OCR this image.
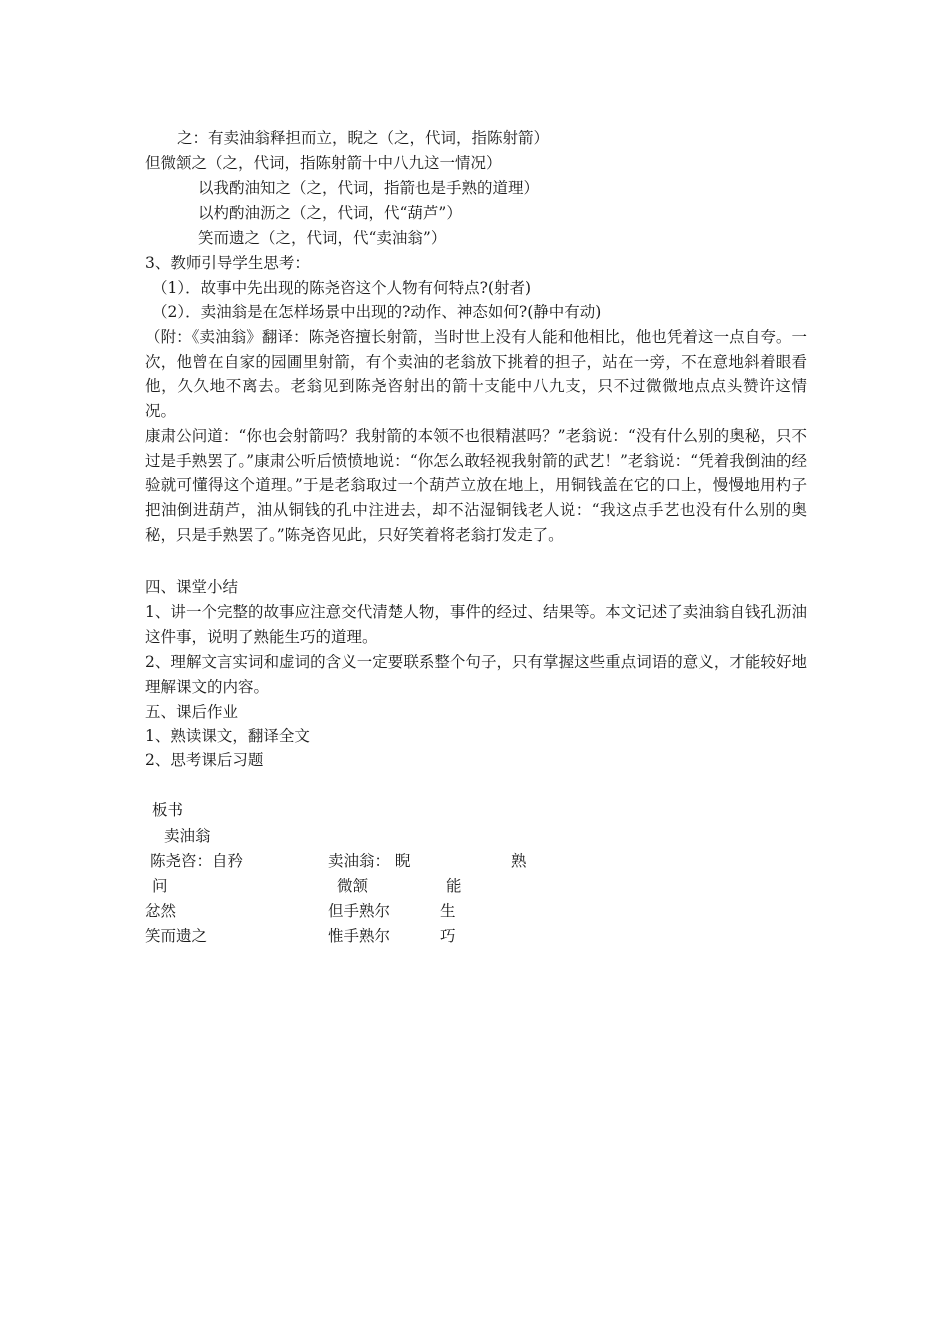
之：有卖油翁释担而立，睨之（之，代词，指陈射箭）
但微颔之（之，代词，指陈射箭十中八九这一情况）
以我酌油知之（之，代词，指箭也是手熟的道理）
以杓酌油沥之（之，代词，代“葫芦”）
笑而遗之（之，代词，代“卖油翁”）
3、教师引导学生思考：
（1）．故事中先出现的陈尧咨这个人物有何特点?(射者)
（2）．卖油翁是在怎样场景中出现的?动作、神态如何?(静中有动)
（附：《卖油翁》翻译：陈尧咨擅长射箭，当时世上没有人能和他相比，他也凭着这一点自夸。一次，他曾在自家的园圃里射箭，有个卖油的老翁放下挑着的担子，站在一旁，不在意地斜着眼看他，久久地不离去。老翁见到陈尧咨射出的箭十支能中八九支，只不过微微地点点头赞许这情况。
康肃公问道：“你也会射箭吗？我射箭的本领不也很精湛吗？”老翁说：“没有什么别的奥秘，只不过是手熟罢了。”康肃公听后愤愤地说：“你怎么敢轻视我射箭的武艺！”老翁说：“凭着我倒油的经验就可懂得这个道理。”于是老翁取过一个葫芦立放在地上，用铜钱盖在它的口上，慢慢地用杓子把油倒进葫芦，油从铜钱的孔中注进去，却不沾湿铜钱老人说：“我这点手艺也没有什么别的奥秘，只是手熟罢了。”陈尧咨见此，只好笑着将老翁打发走了。
四、课堂小结
1、讲一个完整的故事应注意交代清楚人物，事件的经过、结果等。本文记述了卖油翁自钱孔沥油这件事，说明了熟能生巧的道理。
2、理解文言实词和虚词的含义一定要联系整个句子，只有掌握这些重点词语的意义，才能较好地理解课文的内容。
五、课后作业
1、熟读课文，翻译全文
2、思考课后习题
板书
卖油翁
陈尧咨：自矜
问
忿然
笑而遗之
卖油翁： 睨
微颔
但手熟尔
惟手熟尔
熟
能
生
巧
